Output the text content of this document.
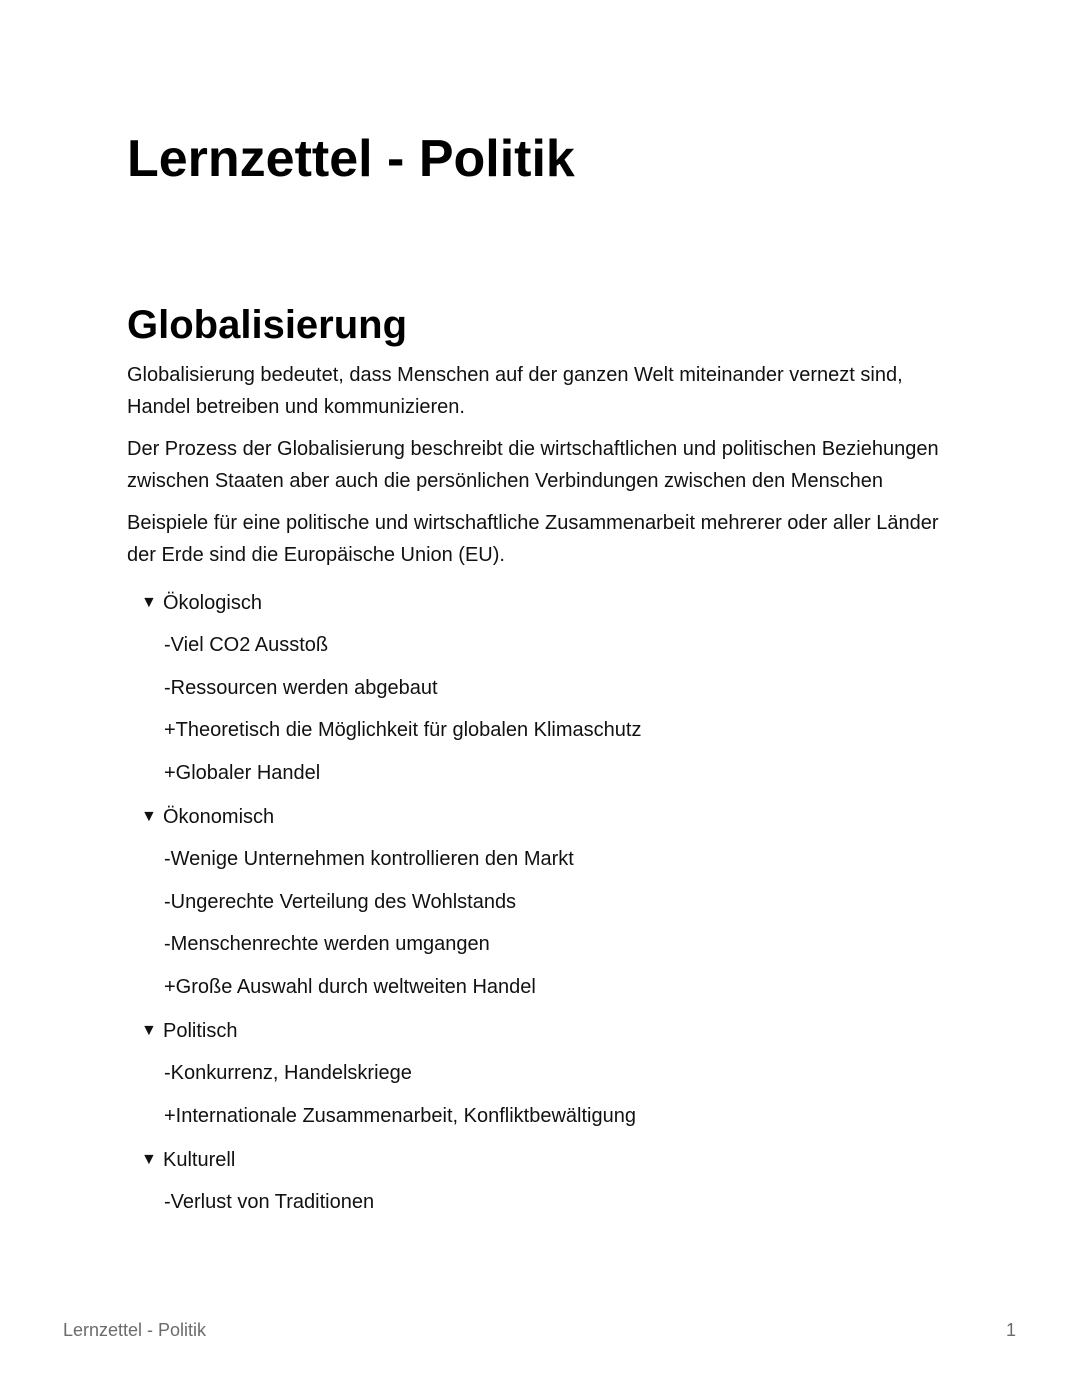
Lernzettel - Politik
Globalisierung

Globalisierung bedeutet, dass Menschen auf der ganzen Welt miteinander vernezt sind, Handel betreiben und kommunizieren.

Der Prozess der Globalisierung beschreibt die wirtschaftlichen und politischen Beziehungen zwischen Staaten aber auch die persönlichen Verbindungen zwischen den Menschen

Beispiele für eine politische und wirtschaftliche Zusammenarbeit mehrerer oder aller Länder der Erde sind die Europäische Union (EU).

▼ Ökologisch
-Viel CO2 Ausstoß
-Ressourcen werden abgebaut
+Theoretisch die Möglichkeit für globalen Klimaschutz
+Globaler Handel
▼ Ökonomisch
-Wenige Unternehmen kontrollieren den Markt
-Ungerechte Verteilung des Wohlstands
-Menschenrechte werden umgangen
+Große Auswahl durch weltweiten Handel
▼ Politisch
-Konkurrenz, Handelskriege
+Internationale Zusammenarbeit, Konfliktbewältigung
▼ Kulturell
-Verlust von Traditionen
Lernzettel - Politik	1
